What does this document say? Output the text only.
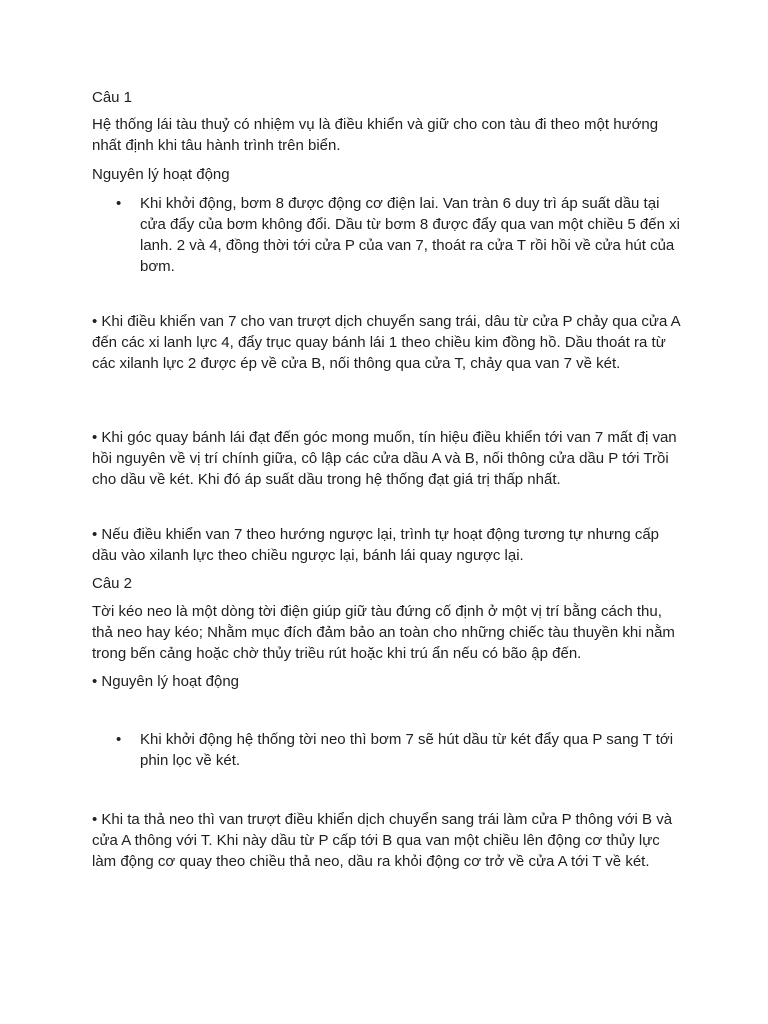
Câu 1

Hệ thống lái tàu thuỷ có nhiệm vụ là điều khiển và giữ cho con tàu đi theo một hướng nhất định khi tâu hành trình trên biển.

Nguyên lý hoạt động

•	Khi khởi động, bơm 8 được động cơ điện lai. Van tràn 6 duy trì áp suất dầu tại cửa đẩy của bơm không đổi. Dầu từ bơm 8 được đẩy qua van một chiều 5 đến xi lanh. 2 và 4, đồng thời tới cửa P của van 7, thoát ra cửa T rồi hồi về cửa hút của bơm.

• Khi điều khiển van 7 cho van trượt dịch chuyển sang trái, dâu từ cửa P chảy qua cửa A đến các xi lanh lực 4, đẩy trục quay bánh lái 1 theo chiều kim đồng hồ. Dầu thoát ra từ các xilanh lực 2 được ép về cửa B, nối thông qua cửa T, chảy qua van 7 về két.

• Khi góc quay bánh lái đạt đến góc mong muốn, tín hiệu điều khiển tới van 7 mất đị van hồi nguyên về vị trí chính giữa, cô lập các cửa dầu A và B, nối thông cửa dầu P tới Trồi cho dầu về két. Khi đó áp suất dầu trong hệ thống đạt giá trị thấp nhất.

• Nếu điều khiển van 7 theo hướng ngược lại, trình tự hoạt động tương tự nhưng cấp dầu vào xilanh lực theo chiều ngược lại, bánh lái quay ngược lại.

Câu 2

Tời kéo neo là một dòng tời điện giúp giữ tàu đứng cố định ở một vị trí bằng cách thu, thả neo hay kéo; Nhằm mục đích đảm bảo an toàn cho những chiếc tàu thuyền khi nằm trong bến cảng hoặc chờ thủy triều rút hoặc khi trú ẩn nếu có bão ập đến.

• Nguyên lý hoạt động

•	Khi khởi động hệ thống tời neo thì bơm 7 sẽ hút dầu từ két đẩy qua P sang T tới phin lọc về két.

• Khi ta thả neo thì van trượt điều khiển dịch chuyển sang trái làm cửa P thông với B và cửa A thông với T. Khi này dầu từ P cấp tới B qua van một chiều lên động cơ thủy lực làm động cơ quay theo chiều thả neo, dầu ra khỏi động cơ trở về cửa A tới T về két.
